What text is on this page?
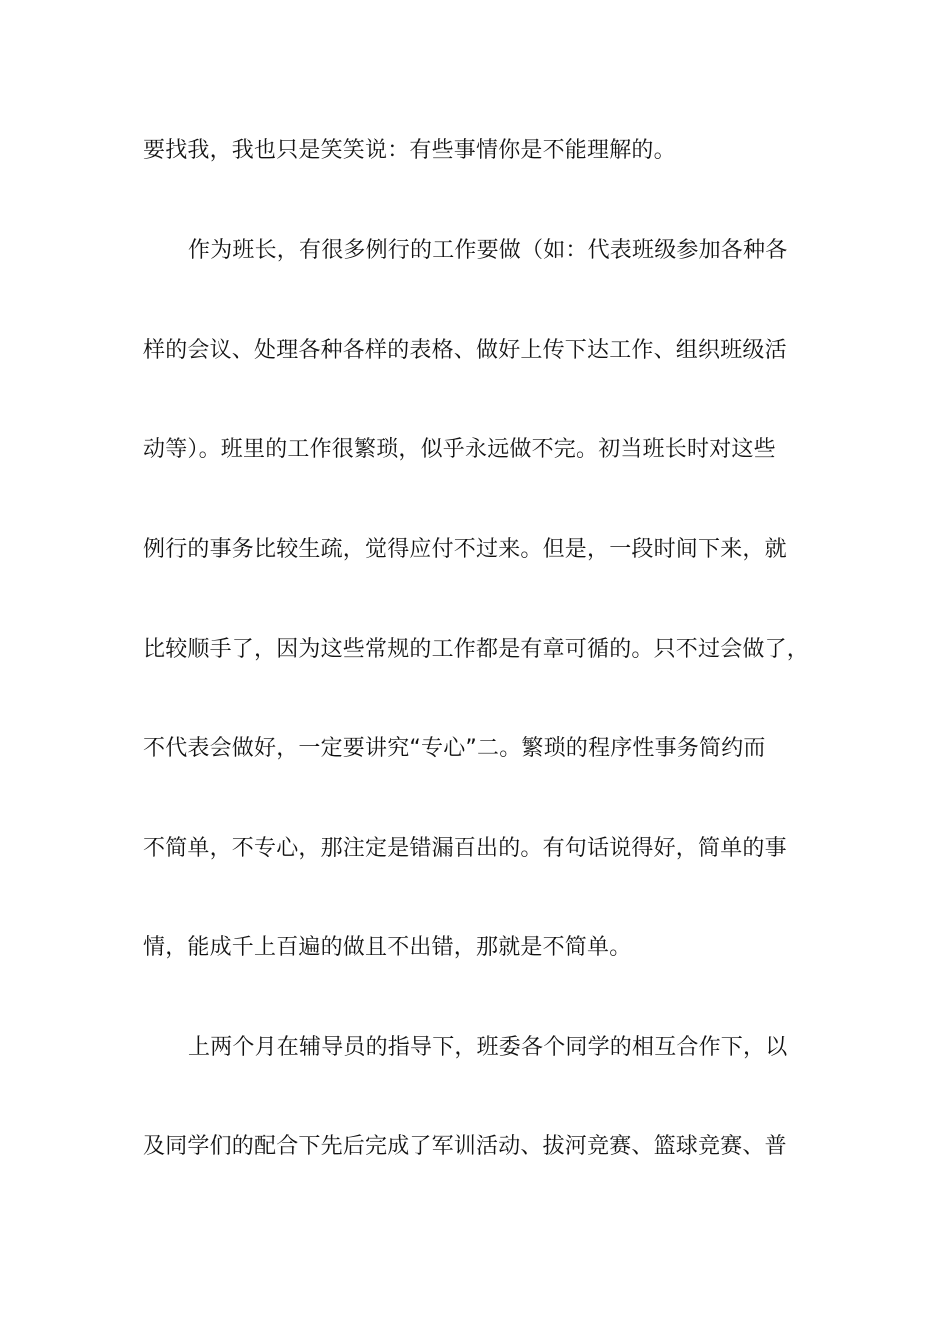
要找我，我也只是笑笑说：有些事情你是不能理解的。

作为班长，有很多例行的工作要做（如：代表班级参加各种各

样的会议、处理各种各样的表格、做好上传下达工作、组织班级活

动等）。班里的工作很繁琐，似乎永远做不完。初当班长时对这些

例行的事务比较生疏，觉得应付不过来。但是，一段时间下来，就

比较顺手了，因为这些常规的工作都是有章可循的。只不过会做了，

不代表会做好，一定要讲究“专心”二。繁琐的程序性事务简约而

不简单，不专心，那注定是错漏百出的。有句话说得好，简单的事

情，能成千上百遍的做且不出错，那就是不简单。

上两个月在辅导员的指导下，班委各个同学的相互合作下，以

及同学们的配合下先后完成了军训活动、拔河竞赛、篮球竞赛、普
